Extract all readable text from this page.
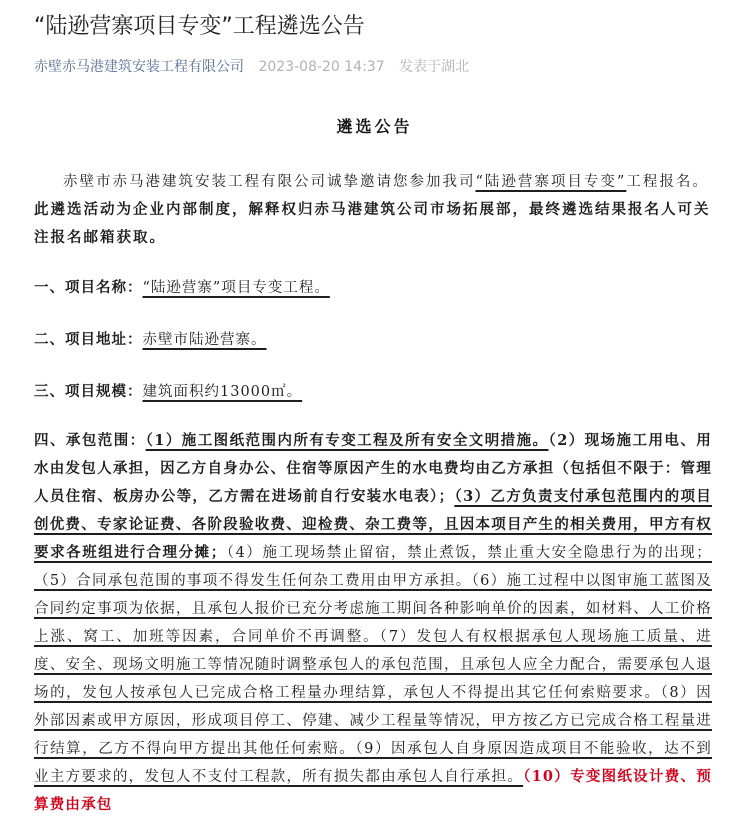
“陆逊营寨项目专变”工程遴选公告
赤壁赤马港建筑安装工程有限公司 2023-08-20 14:37 发表于湖北
遴选公告
赤壁市赤马港建筑安装工程有限公司诚挚邀请您参加我司“陆逊营寨项目专变”工程报名。此遴选活动为企业内部制度，解释权归赤马港建筑公司市场拓展部，最终遴选结果报名人可关注报名邮箱获取。
一、项目名称：“陆逊营寨”项目专变工程。
二、项目地址：赤壁市陆逊营寨。
三、项目规模：建筑面积约13000㎡。
四、承包范围：（1）施工图纸范围内所有专变工程及所有安全文明措施。（2）现场施工用电、用水由发包人承担，因乙方自身办公、住宿等原因产生的水电费均由乙方承担（包括但不限于：管理人员住宿、板房办公等，乙方需在进场前自行安装水电表）；（3）乙方负责支付承包范围内的项目创优费、专家论证费、各阶段验收费、迎检费、杂工费等，且因本项目产生的相关费用，甲方有权要求各班组进行合理分摊；（4）施工现场禁止留宿，禁止煮饭，禁止重大安全隐患行为的出现；（5）合同承包范围的事项不得发生任何杂工费用由甲方承担。（6）施工过程中以图审施工蓝图及合同约定事项为依据，且承包人报价已充分考虑施工期间各种影响单价的因素，如材料、人工价格上涨、窝工、加班等因素，合同单价不再调整。（7）发包人有权根据承包人现场施工质量、进度、安全、现场文明施工等情况随时调整承包人的承包范围，且承包人应全力配合，需要承包人退场的，发包人按承包人已完成合格工程量办理结算，承包人不得提出其它任何索赔要求。（8）因外部因素或甲方原因，形成项目停工、停建、减少工程量等情况，甲方按乙方已完成合格工程量进行结算，乙方不得向甲方提出其他任何索赔。（9）因承包人自身原因造成项目不能验收，达不到业主方要求的，发包人不支付工程款，所有损失都由承包人自行承担。（10）专变图纸设计费、预算费由承包
